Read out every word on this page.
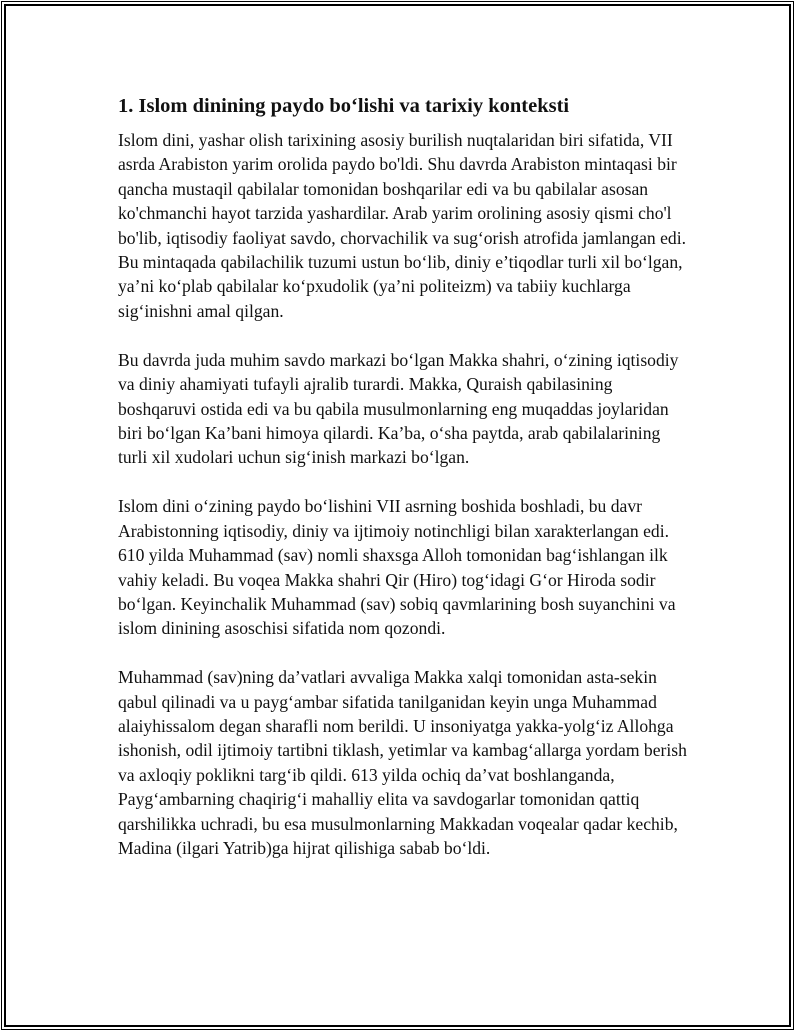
1. Islom dinining paydo bo‘lishi va tarixiy konteksti

Islom dini, yashar olish tarixining asosiy burilish nuqtalaridan biri sifatida, VII asrda Arabiston yarim orolida paydo bo'ldi. Shu davrda Arabiston mintaqasi bir qancha mustaqil qabilalar tomonidan boshqarilar edi va bu qabilalar asosan ko'chmanchi hayot tarzida yashardilar. Arab yarim orolining asosiy qismi cho'l bo'lib, iqtisodiy faoliyat savdo, chorvachilik va sug‘orish atrofida jamlangan edi. Bu mintaqada qabilachilik tuzumi ustun bo‘lib, diniy e’tiqodlar turli xil bo‘lgan, ya’ni ko‘plab qabilalar ko‘pxudolik (ya’ni politeizm) va tabiiy kuchlarga sig‘inishni amal qilgan.

Bu davrda juda muhim savdo markazi bo‘lgan Makka shahri, o‘zining iqtisodiy va diniy ahamiyati tufayli ajralib turardi. Makka, Quraish qabilasining boshqaruvi ostida edi va bu qabila musulmonlarning eng muqaddas joylaridan biri bo‘lgan Ka’bani himoya qilardi. Ka’ba, o‘sha paytda, arab qabilalarining turli xil xudolari uchun sig‘inish markazi bo‘lgan.

Islom dini o‘zining paydo bo‘lishini VII asrning boshida boshladi, bu davr Arabistonning iqtisodiy, diniy va ijtimoiy notinchligi bilan xarakterlangan edi. 610 yilda Muhammad (sav) nomli shaxsga Alloh tomonidan bag‘ishlangan ilk vahiy keladi. Bu voqea Makka shahri Qir (Hiro) tog‘idagi G‘or Hiroda sodir bo‘lgan. Keyinchalik Muhammad (sav) sobiq qavmlarining bosh suyanchini va islom dinining asoschisi sifatida nom qozondi.

Muhammad (sav)ning da’vatlari avvaliga Makka xalqi tomonidan asta-sekin qabul qilinadi va u payg‘ambar sifatida tanilganidan keyin unga Muhammad alaiyhissalom degan sharafli nom berildi. U insoniyatga yakka-yolg‘iz Allohga ishonish, odil ijtimoiy tartibni tiklash, yetimlar va kambag‘allarga yordam berish va axloqiy poklikni targ‘ib qildi. 613 yilda ochiq da’vat boshlanganda, Payg‘ambarning chaqirig‘i mahalliy elita va savdogarlar tomonidan qattiq qarshilikka uchradi, bu esa musulmonlarning Makkadan voqealar qadar kechib, Madina (ilgari Yatrib)ga hijrat qilishiga sabab bo‘ldi.
